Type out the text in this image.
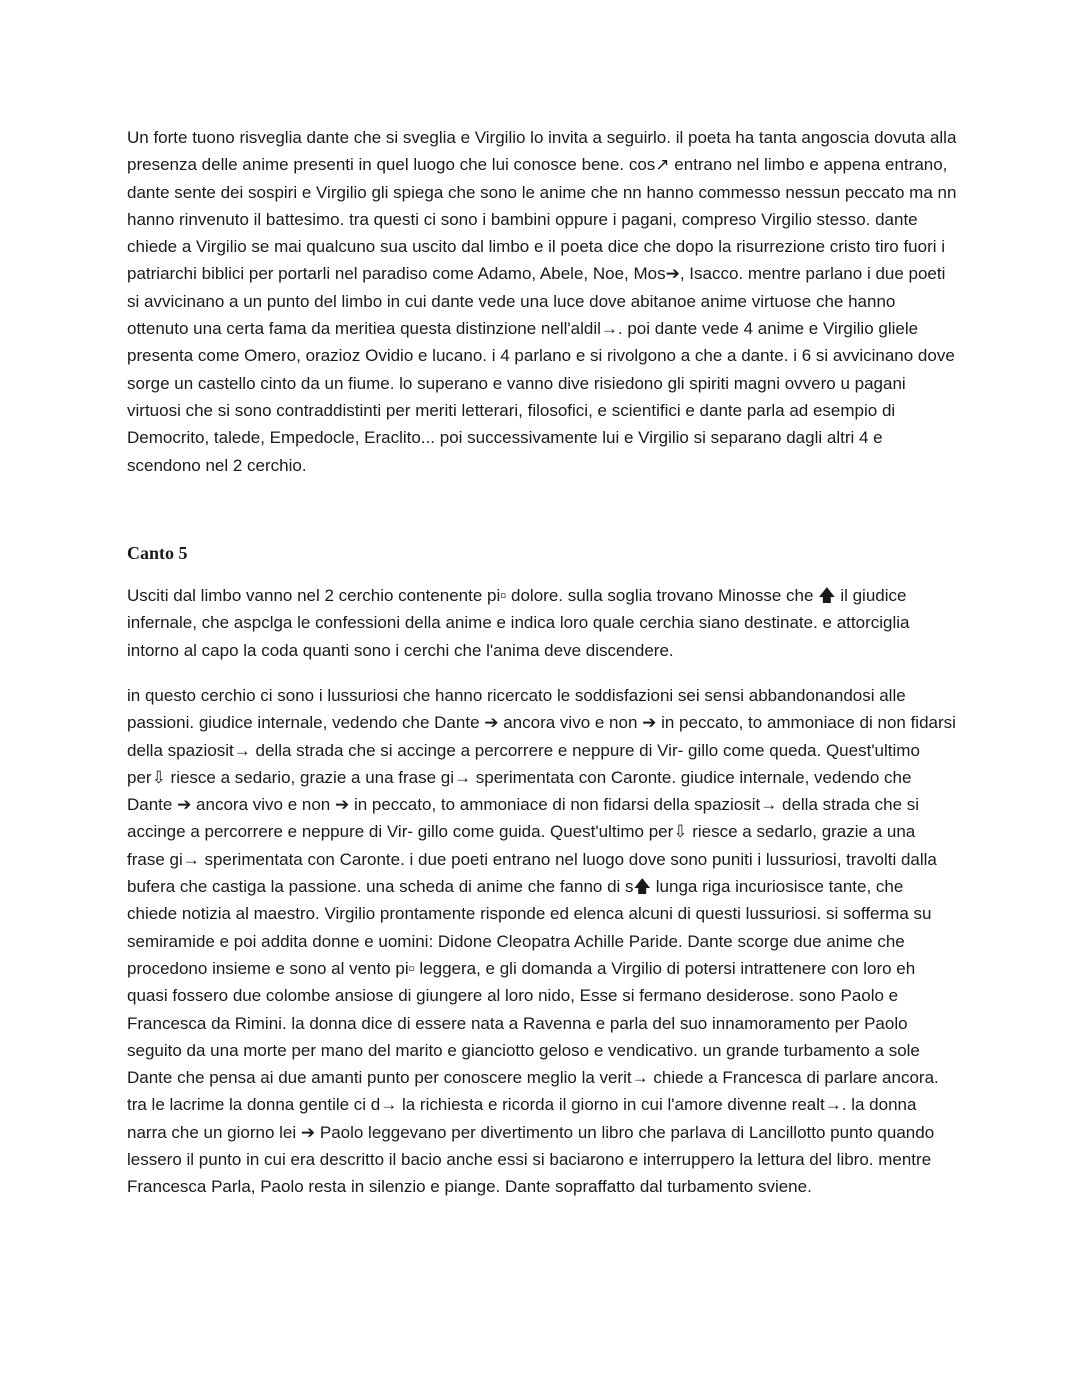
Un forte tuono risveglia dante che si sveglia e Virgilio lo invita a seguirlo. il poeta ha tanta angoscia dovuta alla presenza delle anime presenti in quel luogo che lui conosce bene. cos↗ entrano nel limbo e appena entrano, dante sente dei sospiri e Virgilio gli spiega che sono le anime che nn hanno commesso nessun peccato ma nn hanno rinvenuto il battesimo. tra questi ci sono i bambini oppure i pagani, compreso Virgilio stesso. dante chiede a Virgilio se mai qualcuno sua uscito dal limbo e il poeta dice che dopo la risurrezione cristo tiro fuori i patriarchi biblici per portarli nel paradiso come Adamo, Abele, Noe, Mos➔, Isacco. mentre parlano i due poeti si avvicinano a un punto del limbo in cui dante vede una luce dove abitanoe anime virtuose che hanno ottenuto una certa fama da meritiea questa distinzione nell'aldil→. poi dante vede 4 anime e Virgilio gliele presenta come Omero, orazioz Ovidio e lucano. i 4 parlano e si rivolgono a che a dante. i 6 si avvicinano dove sorge un castello cinto da un fiume. lo superano e vanno dive risiedono gli spiriti magni ovvero u pagani virtuosi che si sono contraddistinti per meriti letterari, filosofici, e scientifici e dante parla ad esempio di Democrito, talede, Empedocle, Eraclito... poi successivamente lui e Virgilio si separano dagli altri 4 e scendono nel 2 cerchio.

Canto 5

Usciti dal limbo vanno nel 2 cerchio contenente pi▫ dolore. sulla soglia trovano Minosse che 🡅 il giudice infernale, che aspclga le confessioni della anime e indica loro quale cerchia siano destinate. e attorciglia intorno al capo la coda quanti sono i cerchi che l'anima deve discendere.

in questo cerchio ci sono i lussuriosi che hanno ricercato le soddisfazioni sei sensi abbandonandosi alle passioni. giudice internale, vedendo che Dante ➔ ancora vivo e non ➔ in peccato, to ammoniace di non fidarsi della spaziosit→ della strada che si accinge a percorrere e neppure di Vir- gillo come queda. Quest'ultimo per⇩ riesce a sedario, grazie a una frase gi→ sperimentata con Caronte. giudice internale, vedendo che Dante ➔ ancora vivo e non ➔ in peccato, to ammoniace di non fidarsi della spaziosit→ della strada che si accinge a percorrere e neppure di Vir- gillo come guida. Quest'ultimo per⇩ riesce a sedarlo, grazie a una frase gi→ sperimentata con Caronte. i due poeti entrano nel luogo dove sono puniti i lussuriosi, travolti dalla bufera che castiga la passione. una scheda di anime che fanno di s🡅 lunga riga incuriosisce tante, che chiede notizia al maestro. Virgilio prontamente risponde ed elenca alcuni di questi lussuriosi. si sofferma su semiramide e poi addita donne e uomini: Didone Cleopatra Achille Paride. Dante scorge due anime che procedono insieme e sono al vento pi▫ leggera, e gli domanda a Virgilio di potersi intrattenere con loro eh quasi fossero due colombe ansiose di giungere al loro nido, Esse si fermano desiderose. sono Paolo e Francesca da Rimini. la donna dice di essere nata a Ravenna e parla del suo innamoramento per Paolo seguito da una morte per mano del marito e gianciotto geloso e vendicativo. un grande turbamento a sole Dante che pensa ai due amanti punto per conoscere meglio la verit→ chiede a Francesca di parlare ancora. tra le lacrime la donna gentile ci d→ la richiesta e ricorda il giorno in cui l'amore divenne realt→. la donna narra che un giorno lei ➔ Paolo leggevano per divertimento un libro che parlava di Lancillotto punto quando lessero il punto in cui era descritto il bacio anche essi si baciarono e interruppero la lettura del libro. mentre Francesca Parla, Paolo resta in silenzio e piange. Dante sopraffatto dal turbamento sviene.
